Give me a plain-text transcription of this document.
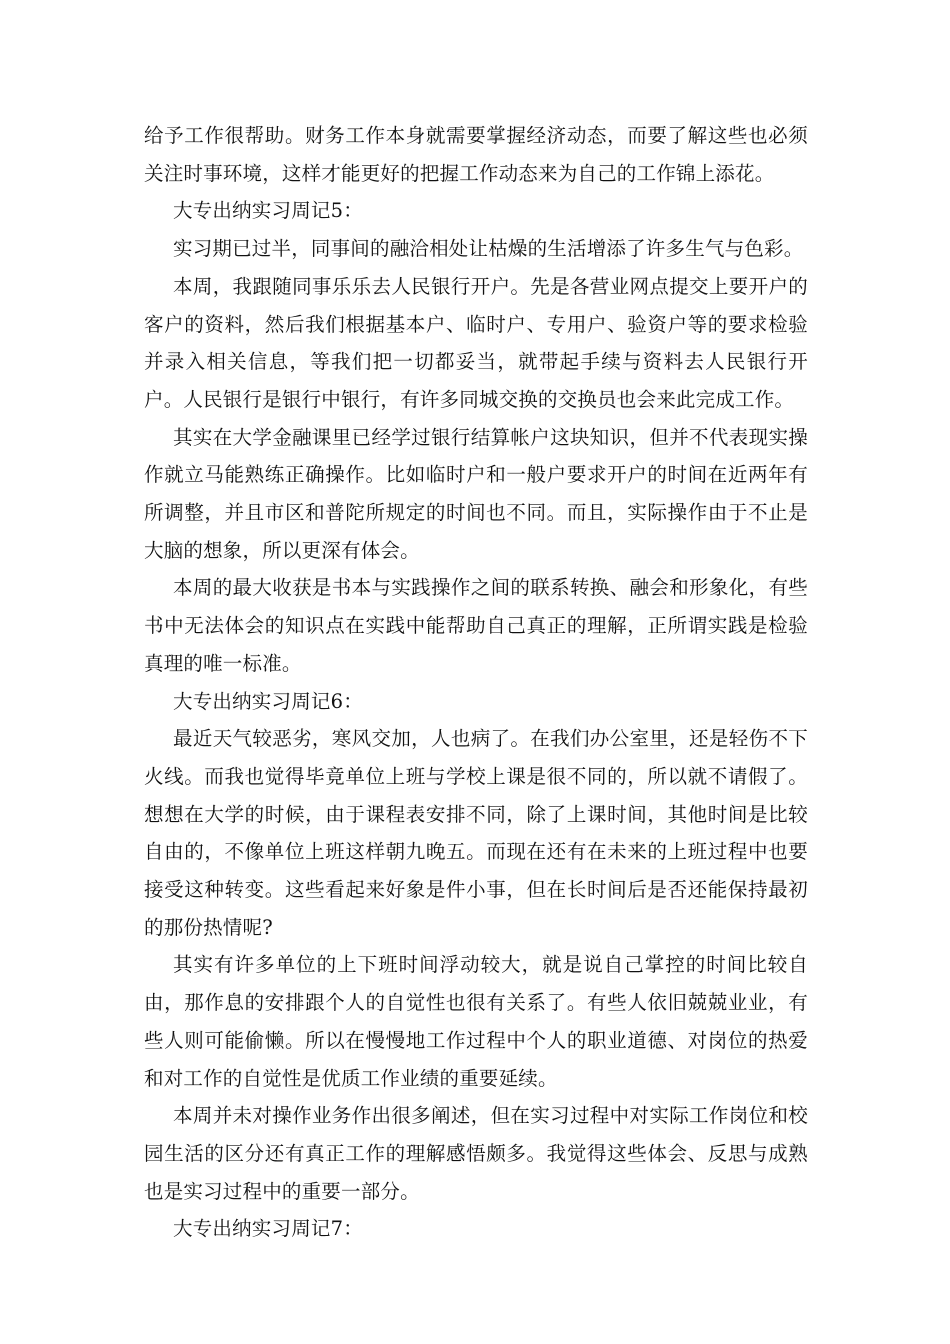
给予工作很帮助。财务工作本身就需要掌握经济动态，而要了解这些也必须关注时事环境，这样才能更好的把握工作动态来为自己的工作锦上添花。

大专出纳实习周记5：

实习期已过半，同事间的融洽相处让枯燥的生活增添了许多生气与色彩。

本周，我跟随同事乐乐去人民银行开户。先是各营业网点提交上要开户的客户的资料，然后我们根据基本户、临时户、专用户、验资户等的要求检验并录入相关信息，等我们把一切都妥当，就带起手续与资料去人民银行开户。人民银行是银行中银行，有许多同城交换的交换员也会来此完成工作。

其实在大学金融课里已经学过银行结算帐户这块知识，但并不代表现实操作就立马能熟练正确操作。比如临时户和一般户要求开户的时间在近两年有所调整，并且市区和普陀所规定的时间也不同。而且，实际操作由于不止是大脑的想象，所以更深有体会。

本周的最大收获是书本与实践操作之间的联系转换、融会和形象化，有些书中无法体会的知识点在实践中能帮助自己真正的理解，正所谓实践是检验真理的唯一标准。

大专出纳实习周记6：

最近天气较恶劣，寒风交加，人也病了。在我们办公室里，还是轻伤不下火线。而我也觉得毕竟单位上班与学校上课是很不同的，所以就不请假了。想想在大学的时候，由于课程表安排不同，除了上课时间，其他时间是比较自由的，不像单位上班这样朝九晚五。而现在还有在未来的上班过程中也要接受这种转变。这些看起来好象是件小事，但在长时间后是否还能保持最初的那份热情呢?

其实有许多单位的上下班时间浮动较大，就是说自己掌控的时间比较自由，那作息的安排跟个人的自觉性也很有关系了。有些人依旧兢兢业业，有些人则可能偷懒。所以在慢慢地工作过程中个人的职业道德、对岗位的热爱和对工作的自觉性是优质工作业绩的重要延续。

本周并未对操作业务作出很多阐述，但在实习过程中对实际工作岗位和校园生活的区分还有真正工作的理解感悟颇多。我觉得这些体会、反思与成熟也是实习过程中的重要一部分。

大专出纳实习周记7：
